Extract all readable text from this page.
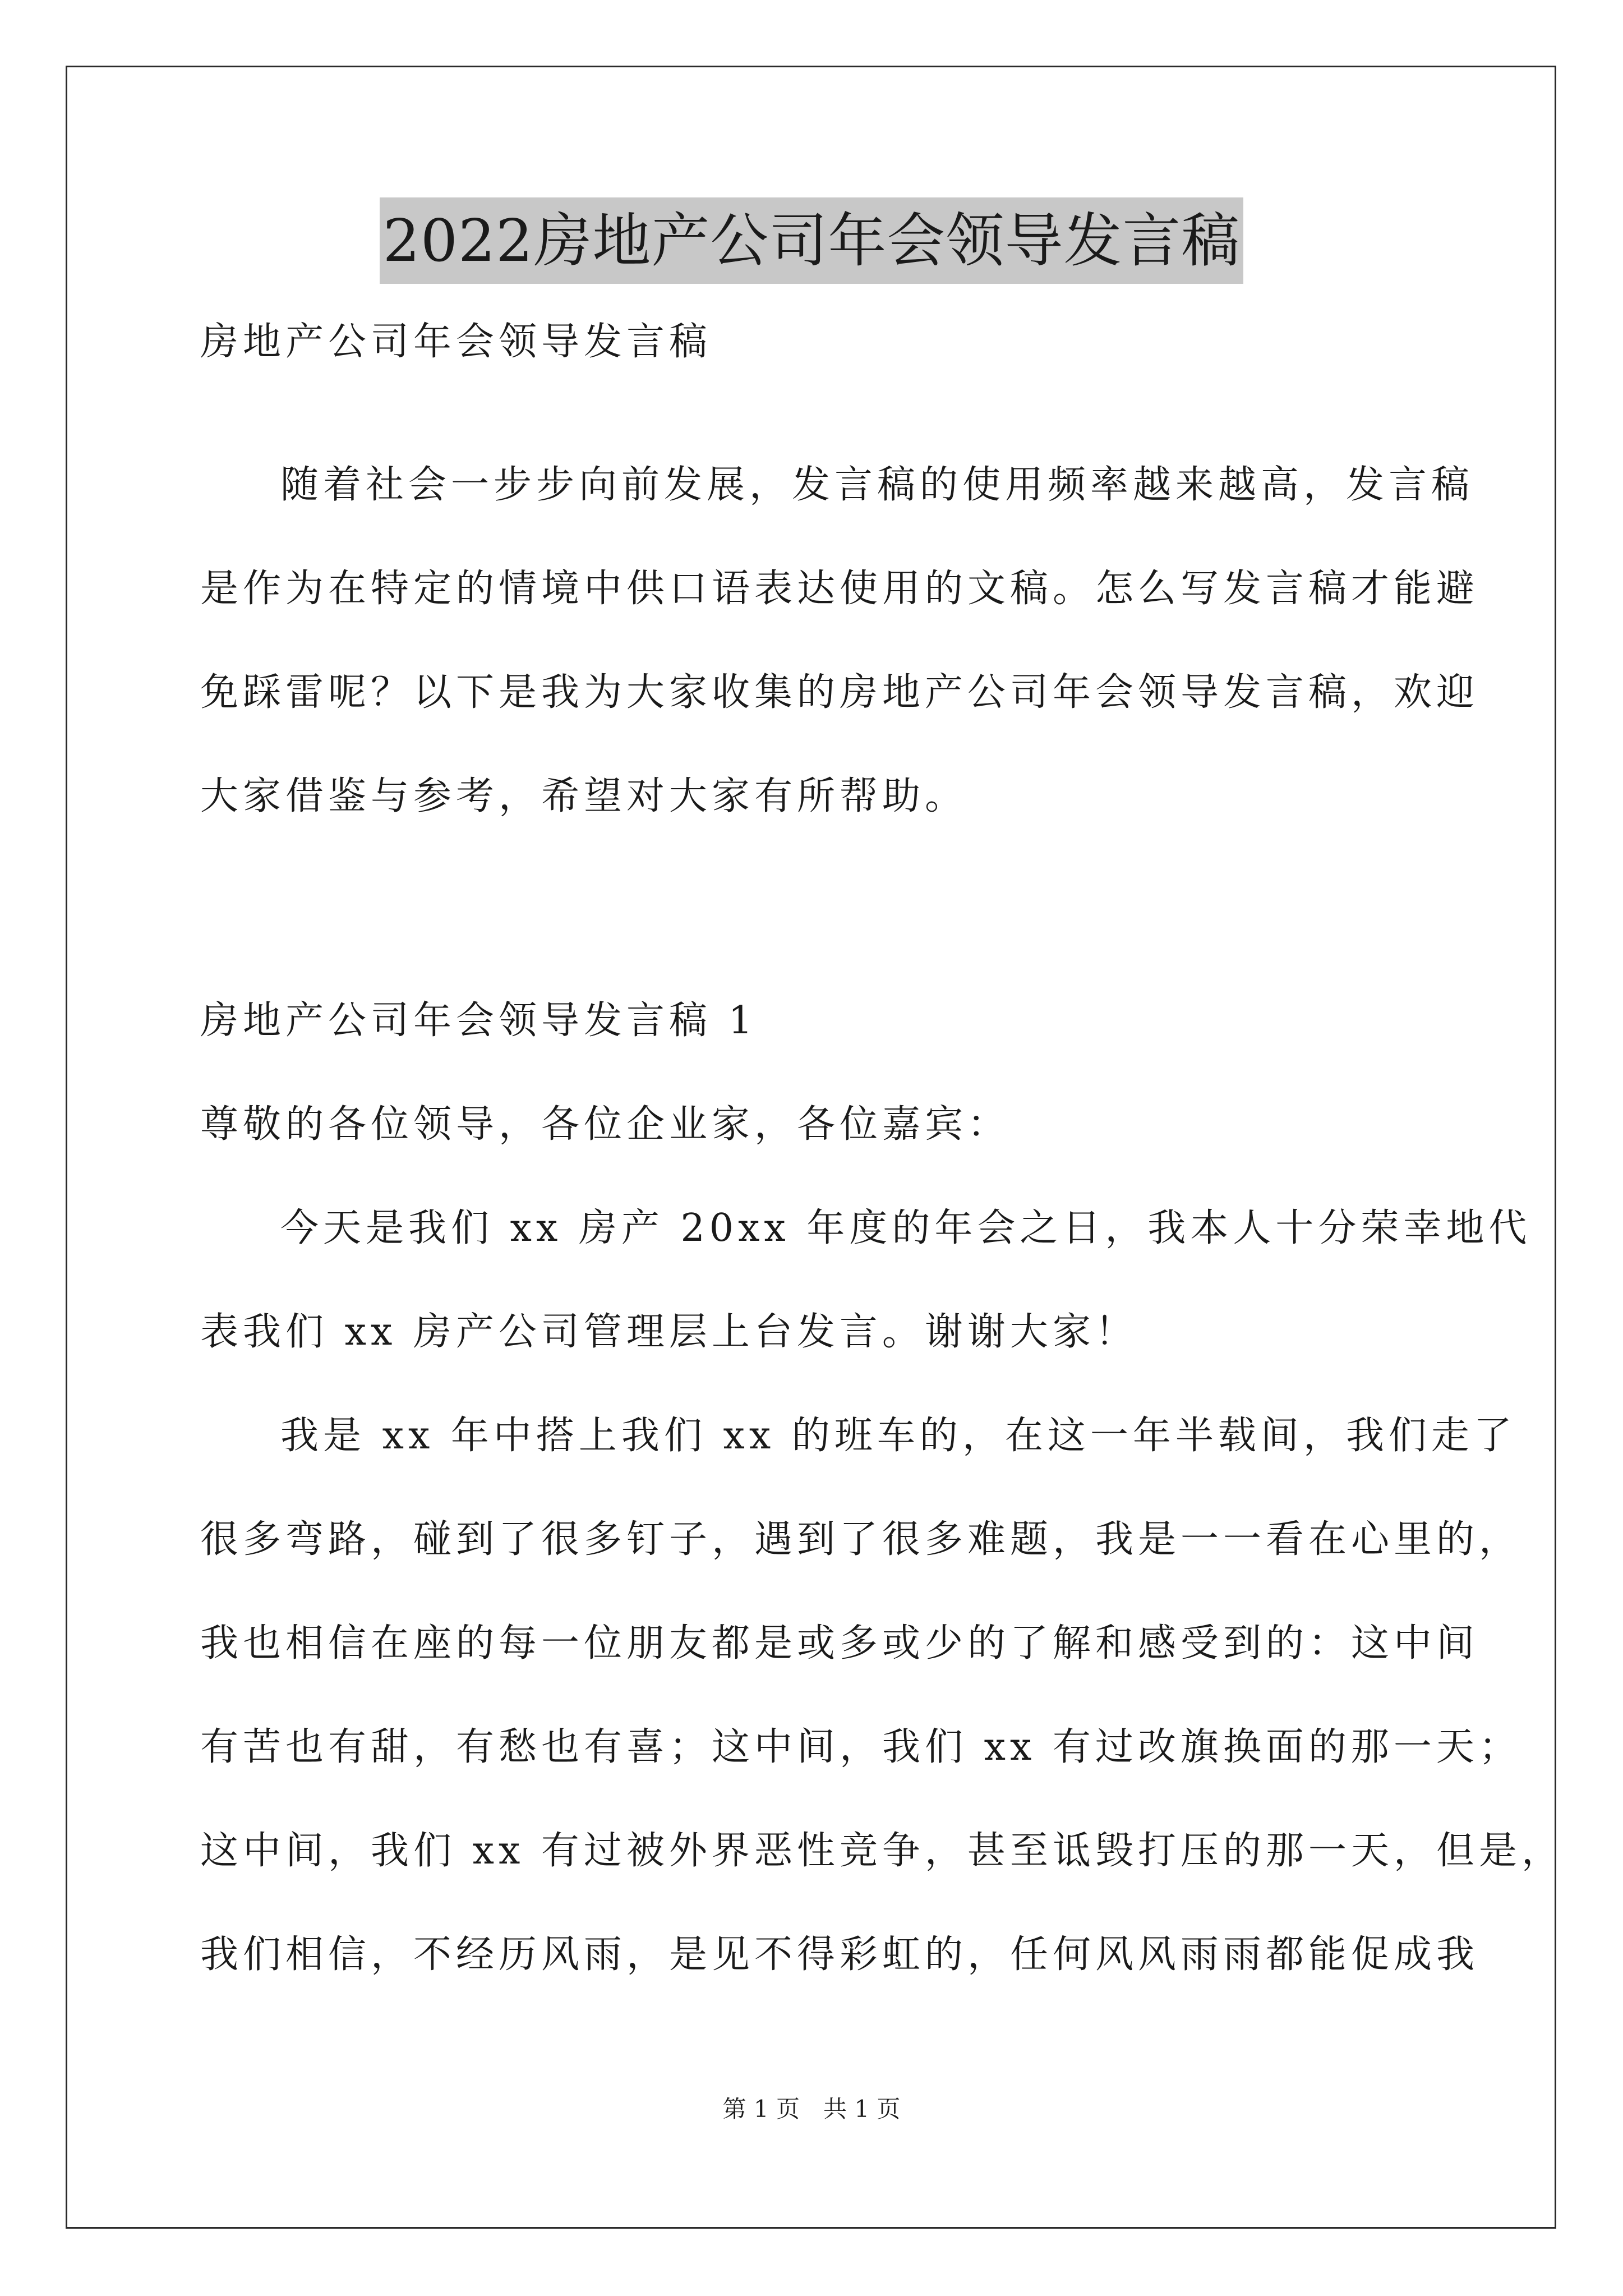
2022房地产公司年会领导发言稿
房地产公司年会领导发言稿
随着社会一步步向前发展，发言稿的使用频率越来越高，发言稿
是作为在特定的情境中供口语表达使用的文稿。怎么写发言稿才能避
免踩雷呢？以下是我为大家收集的房地产公司年会领导发言稿，欢迎
大家借鉴与参考，希望对大家有所帮助。
房地产公司年会领导发言稿 1
尊敬的各位领导，各位企业家，各位嘉宾：
今天是我们 xx 房产 20xx 年度的年会之日，我本人十分荣幸地代
表我们 xx 房产公司管理层上台发言。谢谢大家！
我是 xx 年中搭上我们 xx 的班车的，在这一年半载间，我们走了
很多弯路，碰到了很多钉子，遇到了很多难题，我是一一看在心里的，
我也相信在座的每一位朋友都是或多或少的了解和感受到的：这中间
有苦也有甜，有愁也有喜；这中间，我们 xx 有过改旗换面的那一天；
这中间，我们 xx 有过被外界恶性竞争，甚至诋毁打压的那一天，但是，
我们相信，不经历风雨，是见不得彩虹的，任何风风雨雨都能促成我
第 1 页　共 1 页
